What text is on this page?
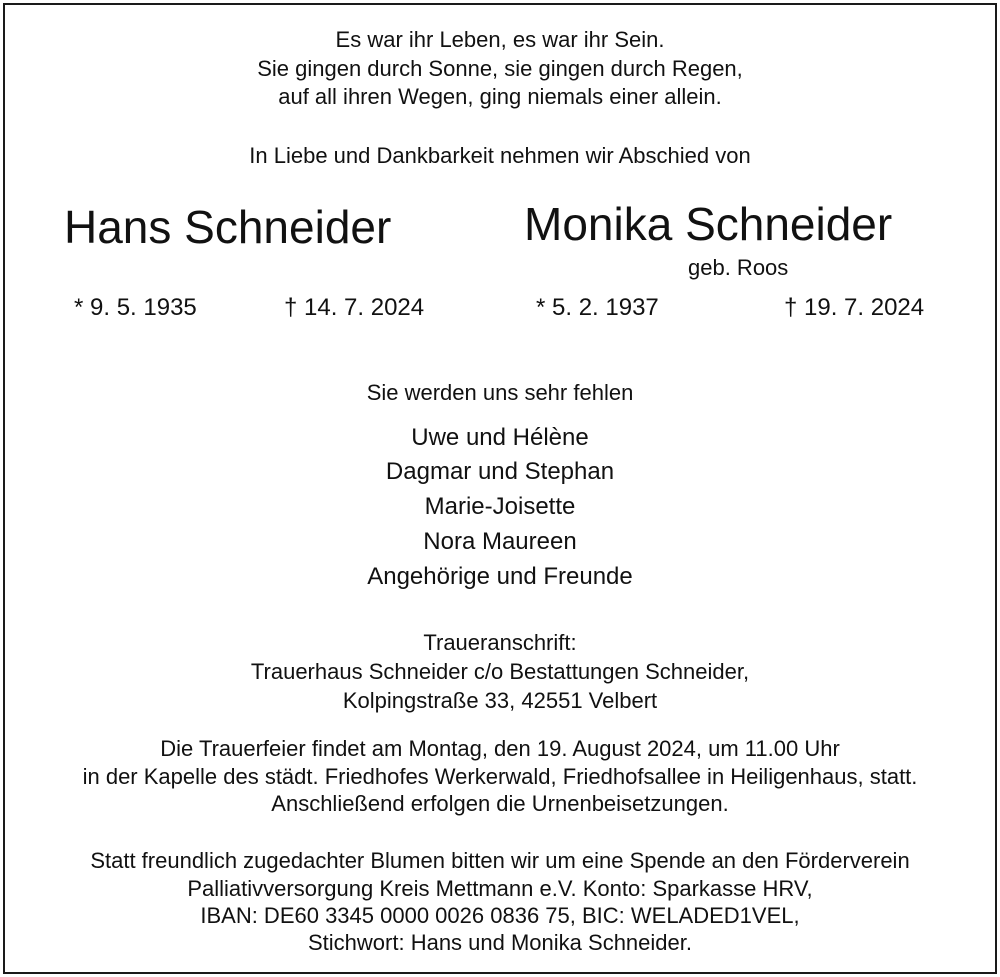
Es war ihr Leben, es war ihr Sein.
Sie gingen durch Sonne, sie gingen durch Regen,
auf all ihren Wegen, ging niemals einer allein.
In Liebe und Dankbarkeit nehmen wir Abschied von
Hans Schneider	Monika Schneider
geb. Roos
* 9. 5. 1935	† 14. 7. 2024	* 5. 2. 1937	† 19. 7. 2024
Sie werden uns sehr fehlen
Uwe und Hélène
Dagmar und Stephan
Marie-Joisette
Nora Maureen
Angehörige und Freunde
Traueranschrift:
Trauerhaus Schneider c/o Bestattungen Schneider,
Kolpingstraße 33, 42551 Velbert
Die Trauerfeier findet am Montag, den 19. August 2024, um 11.00 Uhr
in der Kapelle des städt. Friedhofes Werkerwald, Friedhofsallee in Heiligenhaus, statt.
Anschließend erfolgen die Urnenbeisetzungen.
Statt freundlich zugedachter Blumen bitten wir um eine Spende an den Förderverein
Palliativversorgung Kreis Mettmann e.V. Konto: Sparkasse HRV,
IBAN: DE60 3345 0000 0026 0836 75, BIC: WELADED1VEL,
Stichwort: Hans und Monika Schneider.
